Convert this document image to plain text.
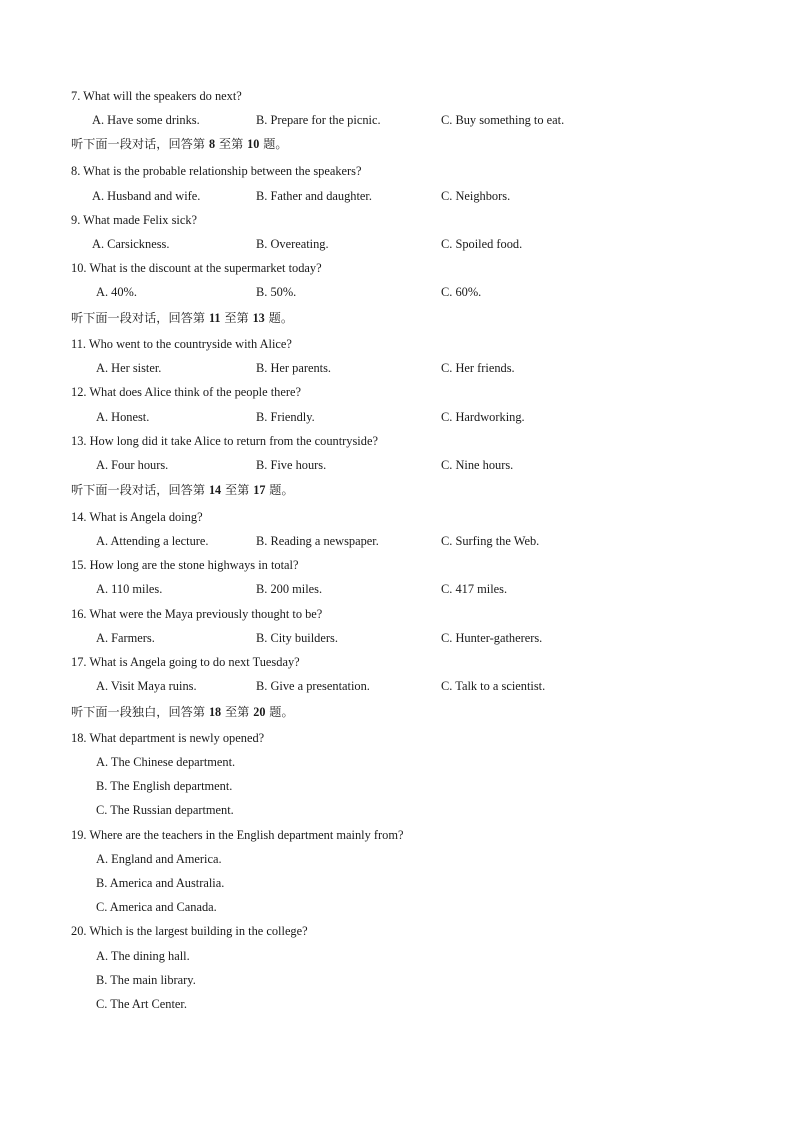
7. What will the speakers do next?
A. Have some drinks.	B. Prepare for the picnic.	C. Buy something to eat.
听下面一段对话，回答第 8 至第 10 题。
8. What is the probable relationship between the speakers?
A. Husband and wife.	B. Father and daughter.	C. Neighbors.
9. What made Felix sick?
A. Carsickness.	B. Overeating.	C. Spoiled food.
10. What is the discount at the supermarket today?
A. 40%.	B. 50%.	C. 60%.
听下面一段对话，回答第 11 至第 13 题。
11. Who went to the countryside with Alice?
A. Her sister.	B. Her parents.	C. Her friends.
12. What does Alice think of the people there?
A. Honest.	B. Friendly.	C. Hardworking.
13. How long did it take Alice to return from the countryside?
A. Four hours.	B. Five hours.	C. Nine hours.
听下面一段对话，回答第 14 至第 17 题。
14. What is Angela doing?
A. Attending a lecture.	B. Reading a newspaper.	C. Surfing the Web.
15. How long are the stone highways in total?
A. 110 miles.	B. 200 miles.	C. 417 miles.
16. What were the Maya previously thought to be?
A. Farmers.	B. City builders.	C. Hunter-gatherers.
17. What is Angela going to do next Tuesday?
A. Visit Maya ruins.	B. Give a presentation.	C. Talk to a scientist.
听下面一段独白，回答第 18 至第 20 题。
18. What department is newly opened?
A. The Chinese department.
B. The English department.
C. The Russian department.
19. Where are the teachers in the English department mainly from?
A. England and America.
B. America and Australia.
C. America and Canada.
20. Which is the largest building in the college?
A. The dining hall.
B. The main library.
C. The Art Center.
